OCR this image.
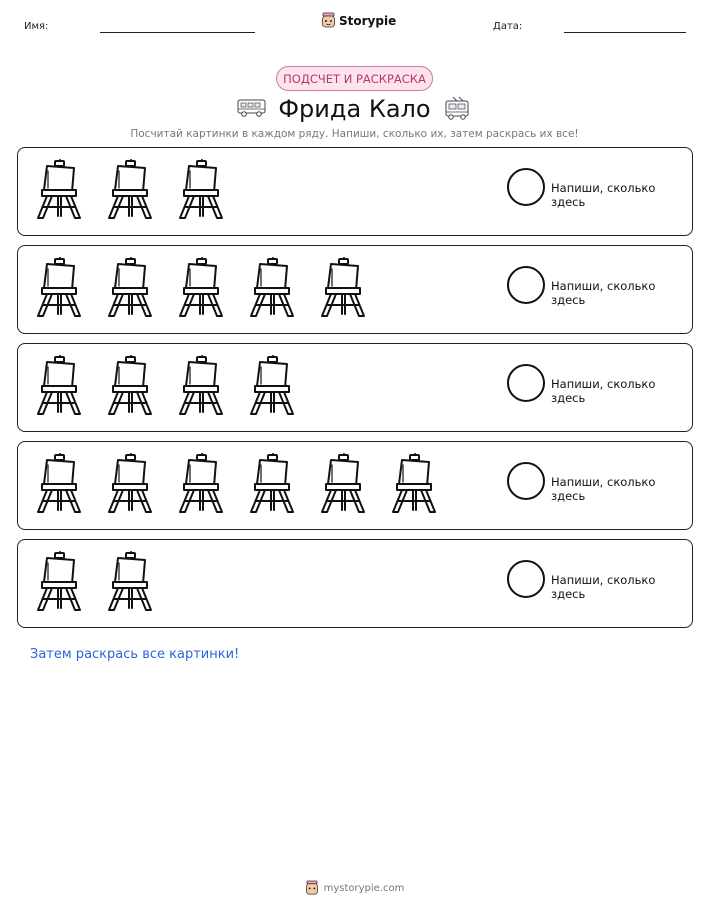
Имя:	Storypie	Дата:
ПОДСЧЕТ И РАСКРАСКА
Фрида Кало
Посчитай картинки в каждом ряду. Напиши, сколько их, затем раскрась их все!
Напиши, сколько здесь
Напиши, сколько здесь
Напиши, сколько здесь
Напиши, сколько здесь
Напиши, сколько здесь
Затем раскрась все картинки!
mystorypie.com
